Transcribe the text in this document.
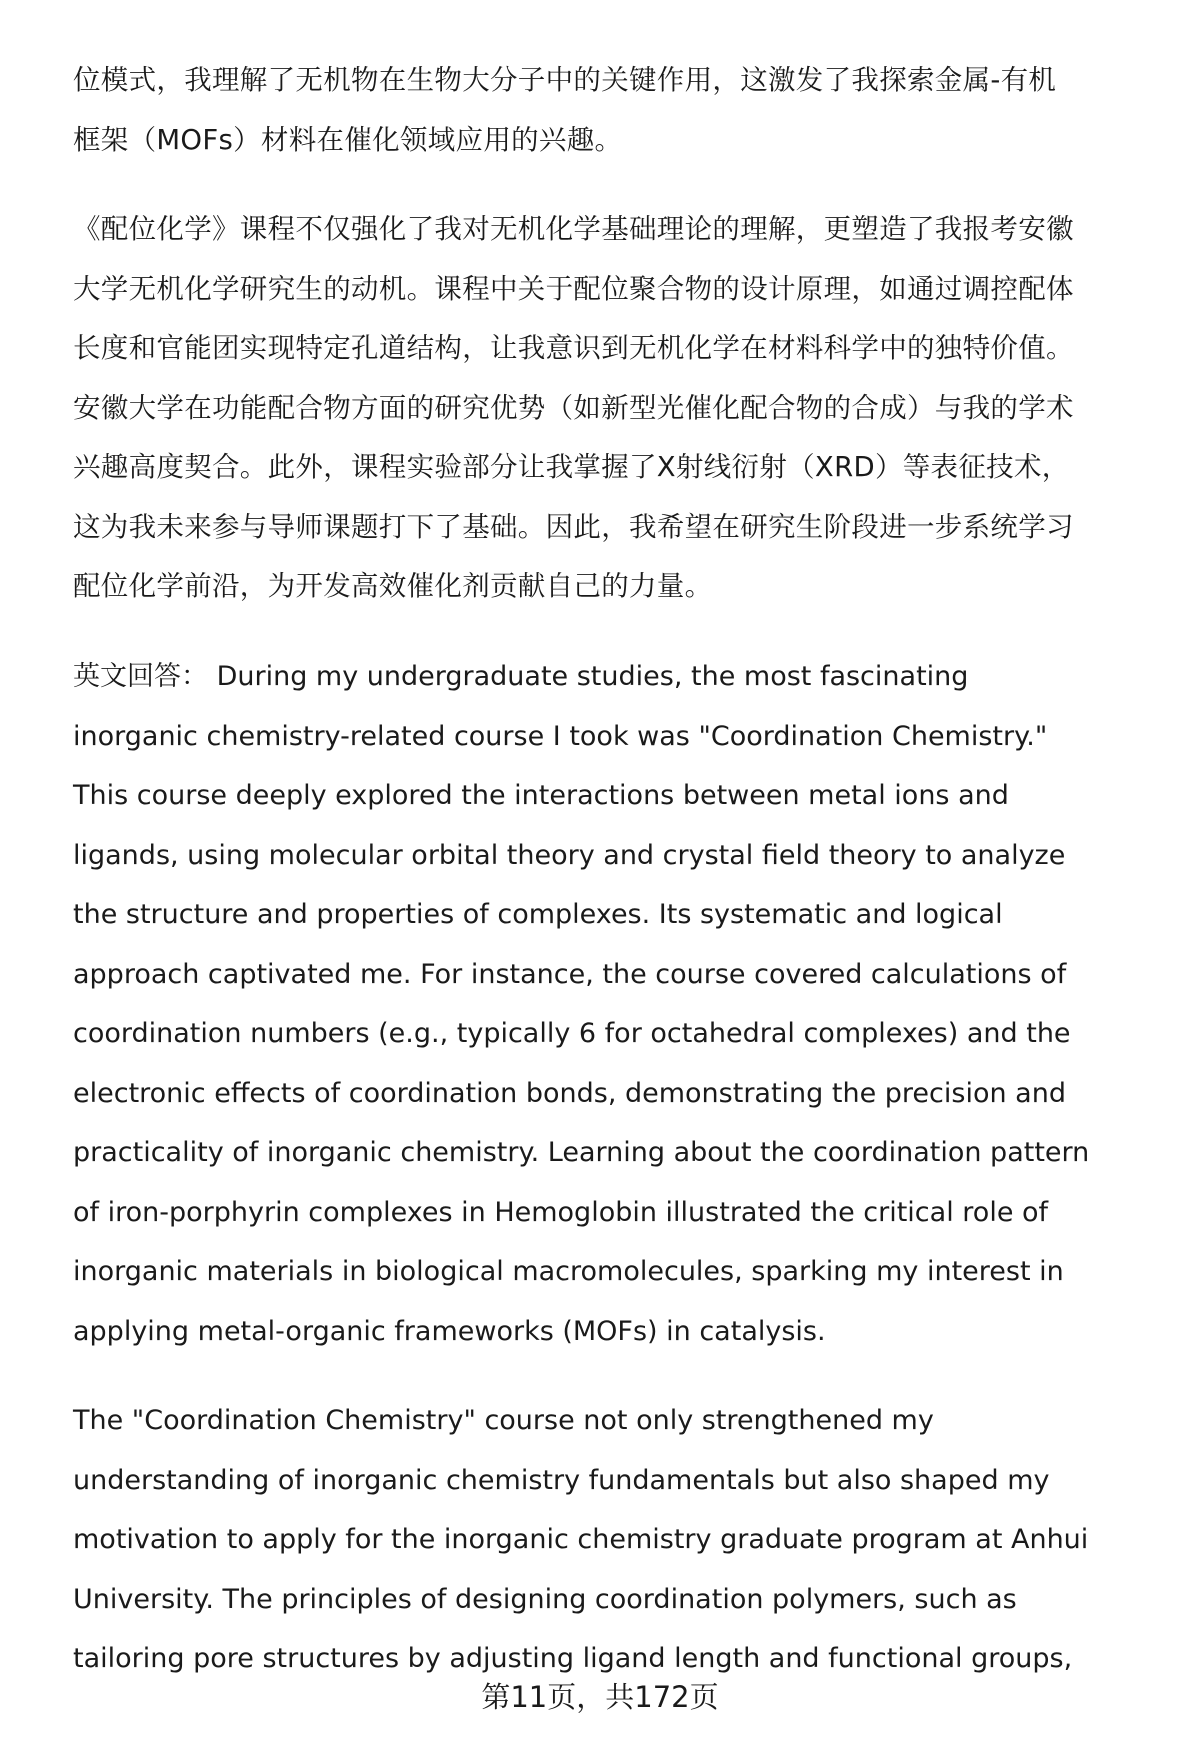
位模式，我理解了无机物在生物大分子中的关键作用，这激发了我探索金属-有机
框架（MOFs）材料在催化领域应用的兴趣。
《配位化学》课程不仅强化了我对无机化学基础理论的理解，更塑造了我报考安徽
大学无机化学研究生的动机。课程中关于配位聚合物的设计原理，如通过调控配体
长度和官能团实现特定孔道结构，让我意识到无机化学在材料科学中的独特价值。
安徽大学在功能配合物方面的研究优势（如新型光催化配合物的合成）与我的学术
兴趣高度契合。此外，课程实验部分让我掌握了X射线衍射（XRD）等表征技术，
这为我未来参与导师课题打下了基础。因此，我希望在研究生阶段进一步系统学习
配位化学前沿，为开发高效催化剂贡献自己的力量。
英文回答： During my undergraduate studies, the most fascinating
inorganic chemistry-related course I took was "Coordination Chemistry."
This course deeply explored the interactions between metal ions and
ligands, using molecular orbital theory and crystal field theory to analyze
the structure and properties of complexes. Its systematic and logical
approach captivated me. For instance, the course covered calculations of
coordination numbers (e.g., typically 6 for octahedral complexes) and the
electronic effects of coordination bonds, demonstrating the precision and
practicality of inorganic chemistry. Learning about the coordination pattern
of iron-porphyrin complexes in Hemoglobin illustrated the critical role of
inorganic materials in biological macromolecules, sparking my interest in
applying metal-organic frameworks (MOFs) in catalysis.
The "Coordination Chemistry" course not only strengthened my
understanding of inorganic chemistry fundamentals but also shaped my
motivation to apply for the inorganic chemistry graduate program at Anhui
University. The principles of designing coordination polymers, such as
tailoring pore structures by adjusting ligand length and functional groups,
第11页，共172页
